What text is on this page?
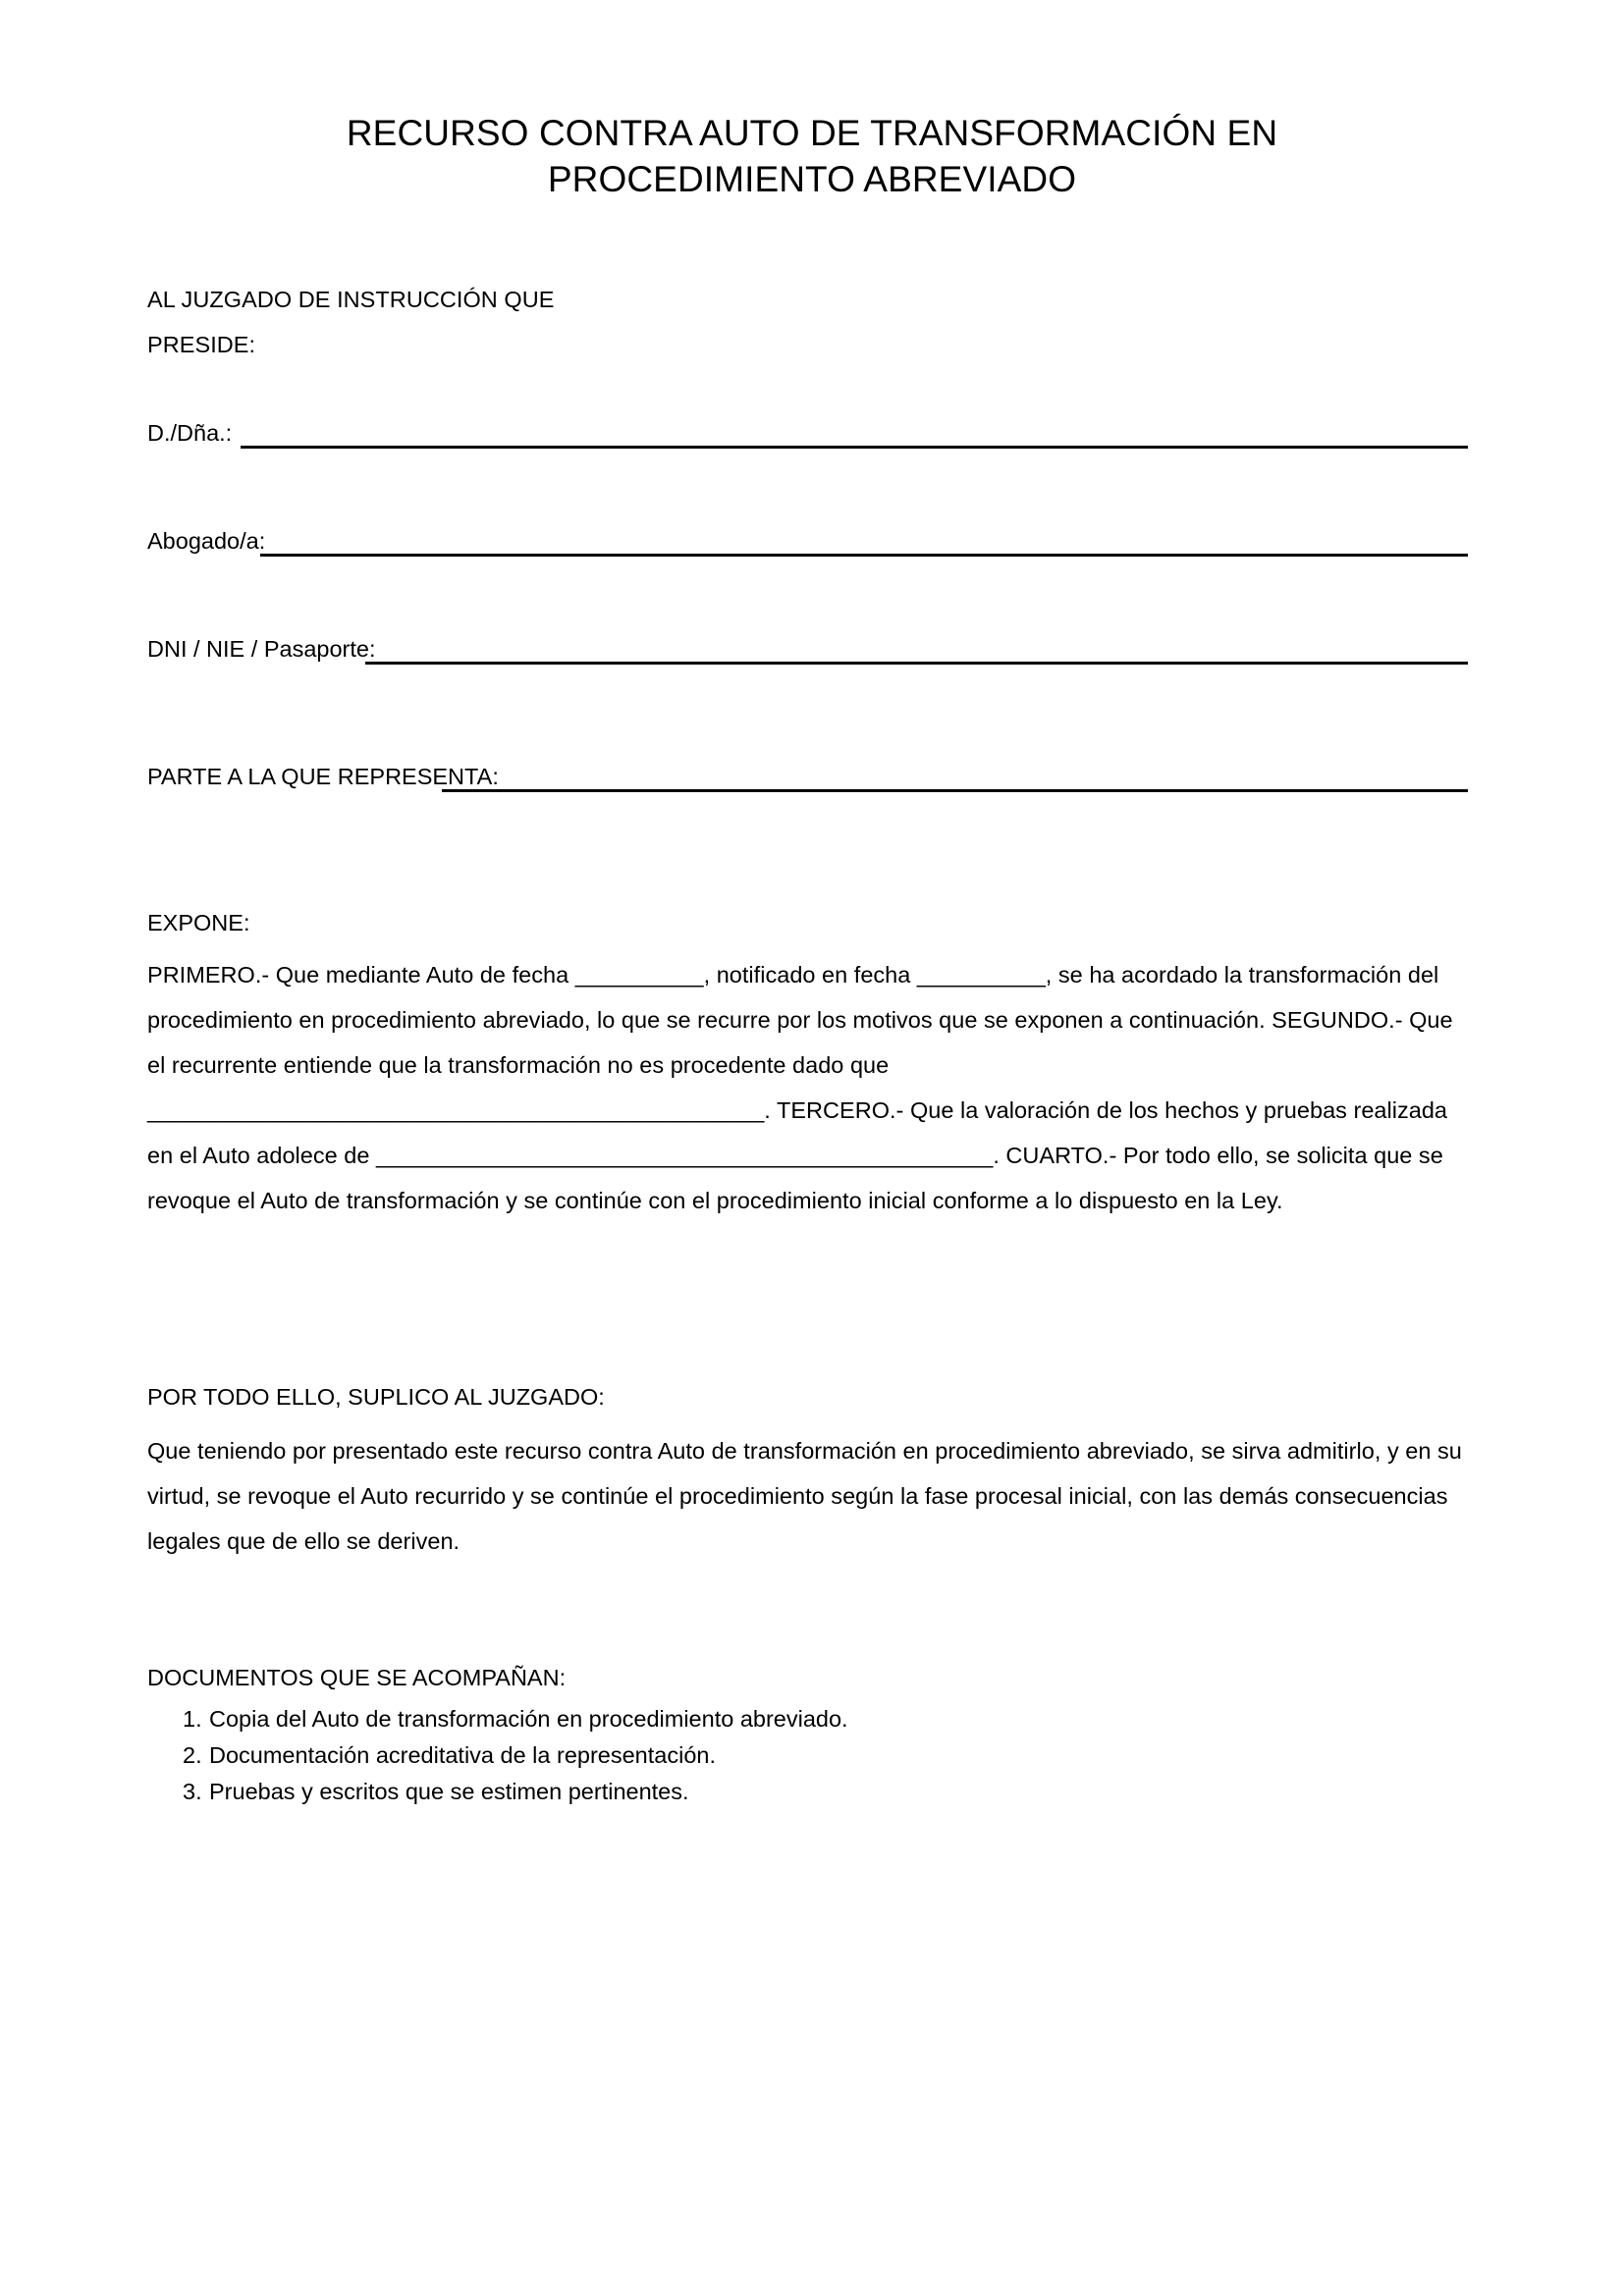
RECURSO CONTRA AUTO DE TRANSFORMACIÓN EN
PROCEDIMIENTO ABREVIADO
AL JUZGADO DE INSTRUCCIÓN QUE
PRESIDE:
D./Dña.:
Abogado/a:
DNI / NIE / Pasaporte:
PARTE A LA QUE REPRESENTA:
EXPONE:
PRIMERO.- Que mediante Auto de fecha __________, notificado en fecha __________, se ha acordado la transformación del procedimiento en procedimiento abreviado, lo que se recurre por los motivos que se exponen a continuación. SEGUNDO.- Que el recurrente entiende que la transformación no es procedente dado que ________________________________________________. TERCERO.- Que la valoración de los hechos y pruebas realizada en el Auto adolece de ________________________________________________. CUARTO.- Por todo ello, se solicita que se revoque el Auto de transformación y se continúe con el procedimiento inicial conforme a lo dispuesto en la Ley.
POR TODO ELLO, SUPLICO AL JUZGADO:
Que teniendo por presentado este recurso contra Auto de transformación en procedimiento abreviado, se sirva admitirlo, y en su virtud, se revoque el Auto recurrido y se continúe el procedimiento según la fase procesal inicial, con las demás consecuencias legales que de ello se deriven.
DOCUMENTOS QUE SE ACOMPAÑAN:
1. Copia del Auto de transformación en procedimiento abreviado.
2. Documentación acreditativa de la representación.
3. Pruebas y escritos que se estimen pertinentes.
